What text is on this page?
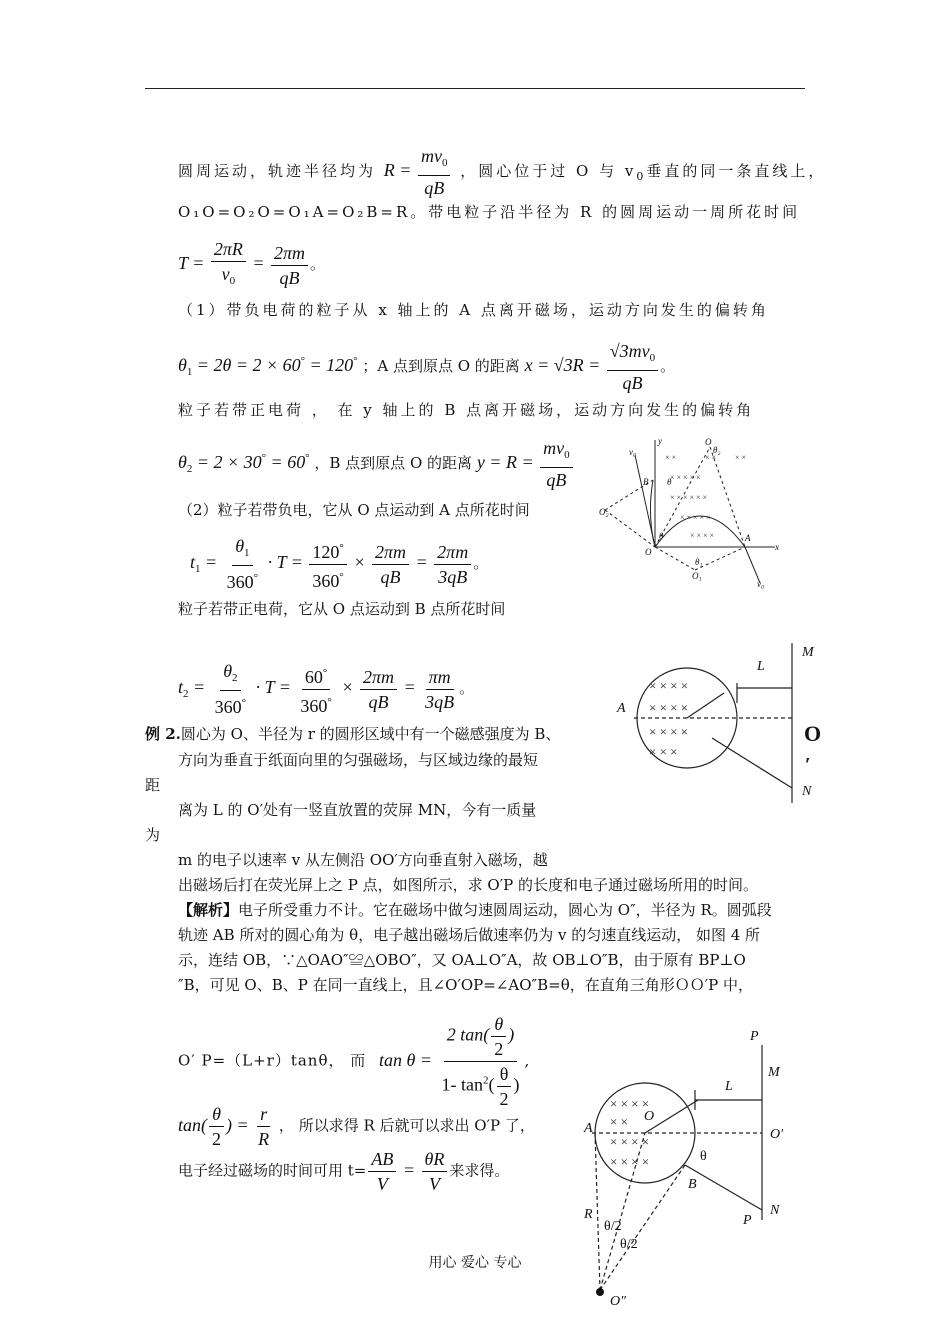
圆周运动，轨迹半径均为 $R = \frac{mv_0}{qB}$ ，圆心位于过 O 与 $v_0$垂直的同一条直线上，
O₁O=O₂O=O₁A=O₂B=R。带电粒子沿半径为 R 的圆周运动一周所花时间
$T = \frac{2\pi R}{v_0} = \frac{2\pi m}{qB}$ 。
（1）带负电荷的粒子从 x 轴上的 A 点离开磁场，运动方向发生的偏转角
$\theta_1 = 2\theta = 2 \times 60^\circ = 120^\circ$ ；A 点到原点 O 的距离 $x = √3R = \frac{√3mv_0}{qB}$ 。
粒子若带正电荷 ， 在 y 轴上的 B 点离开磁场，运动方向发生的偏转角
$\theta_2 = 2 \times 30^\circ = 60^\circ$ ，B 点到原点 O 的距离 $y = R = \frac{mv_0}{qB}$
（2）粒子若带负电，它从 O 点运动到 A 点所花时间
$t_1 = \frac{\theta_1}{360^\circ} \cdot T = \frac{120^\circ}{360^\circ} \times \frac{2\pi m}{qB} = \frac{2\pi m}{3qB}$ 。
粒子若带正电荷，它从 O 点运动到 B 点所花时间
$t_2 = \frac{\theta_2}{360^\circ} \cdot T = \frac{60^\circ}{360^\circ} \times \frac{2\pi m}{qB} = \frac{\pi m}{3qB}$ 。
例 2.圆心为 O、半径为 r 的圆形区域中有一个磁感强度为 B、
方向为垂直于纸面向里的匀强磁场，与区域边缘的最短
距
离为 L 的 O′处有一竖直放置的荧屏 MN，今有一质量
为
m 的电子以速率 v 从左侧沿 OO′方向垂直射入磁场，越
出磁场后打在荧光屏上之 P 点，如图所示，求 O′P 的长度和电子通过磁场所用的时间。
【解析】电子所受重力不计。它在磁场中做匀速圆周运动，圆心为 O″，半径为 R。圆弧段
轨迹 AB 所对的圆心角为 θ，电子越出磁场后做速率仍为 v 的匀速直线运动， 如图 4 所
示，连结 OB，∵△OAO″≌△OBO″，又 OA⊥O″A，故 OB⊥O″B，由于原有 BP⊥O
″B，可见 O、B、P 在同一直线上，且∠O′OP=∠AO″B=θ，在直角三角形ＯＯ′P 中，
O′ P=（L+r）tanθ， 而 $\tan \theta = \frac{2 \tan( \frac{\theta}{2} )}{1- \tan^2( \frac{\theta}{2} )}$ ,
$\tan( \frac{\theta}{2}$ ) = $\frac{r}{R}$ ， 所以求得 R 后就可以求出 O′P 了，
电子经过磁场的时间可用 $t= \frac{AB}{V} = \frac{\theta R}{V}$ 来求得。
× ×	× × × ×
× × × × ×
× × × × × ×
× × × × ×
× × × ×
y
v₀
O
θ
θ₂
B
O₂
θ
O
A
x
θ₁
O₁
v₀
× × × ×
× × × ×
× × × ×
× × ×
M
L
A
O
′
N
× × × ×
× ×
× × × ×
× × × ×
P
M
L
A
O
O′
θ
B
N
R	P
θ/2
θ/2
O″
用心 爱心 专心
